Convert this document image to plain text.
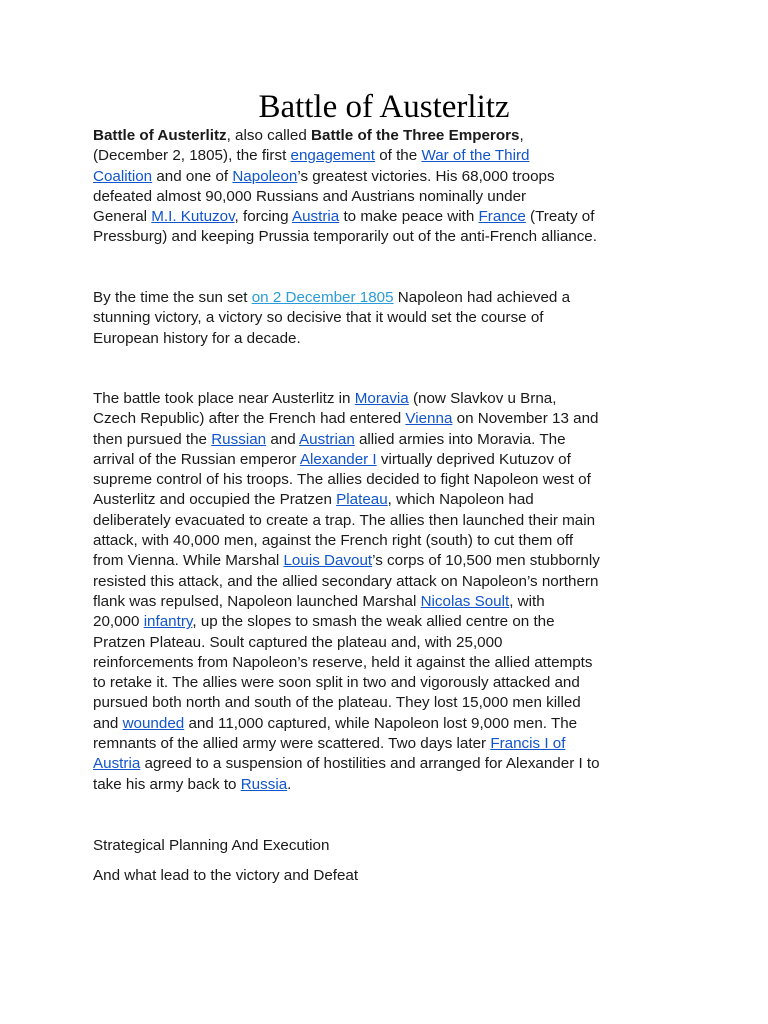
Battle of Austerlitz
Battle of Austerlitz, also called Battle of the Three Emperors,
(December 2, 1805), the first engagement of the War of the Third
Coalition and one of Napoleon’s greatest victories. His 68,000 troops
defeated almost 90,000 Russians and Austrians nominally under
General M.I. Kutuzov, forcing Austria to make peace with France (Treaty of
Pressburg) and keeping Prussia temporarily out of the anti-French alliance.
By the time the sun set on 2 December 1805 Napoleon had achieved a
stunning victory, a victory so decisive that it would set the course of
European history for a decade.
The battle took place near Austerlitz in Moravia (now Slavkov u Brna,
Czech Republic) after the French had entered Vienna on November 13 and
then pursued the Russian and Austrian allied armies into Moravia. The
arrival of the Russian emperor Alexander I virtually deprived Kutuzov of
supreme control of his troops. The allies decided to fight Napoleon west of
Austerlitz and occupied the Pratzen Plateau, which Napoleon had
deliberately evacuated to create a trap. The allies then launched their main
attack, with 40,000 men, against the French right (south) to cut them off
from Vienna. While Marshal Louis Davout’s corps of 10,500 men stubbornly
resisted this attack, and the allied secondary attack on Napoleon’s northern
flank was repulsed, Napoleon launched Marshal Nicolas Soult, with
20,000 infantry, up the slopes to smash the weak allied centre on the
Pratzen Plateau. Soult captured the plateau and, with 25,000
reinforcements from Napoleon’s reserve, held it against the allied attempts
to retake it. The allies were soon split in two and vigorously attacked and
pursued both north and south of the plateau. They lost 15,000 men killed
and wounded and 11,000 captured, while Napoleon lost 9,000 men. The
remnants of the allied army were scattered. Two days later Francis I of
Austria agreed to a suspension of hostilities and arranged for Alexander I to
take his army back to Russia.
Strategical Planning And Execution
And what lead to the victory and Defeat
